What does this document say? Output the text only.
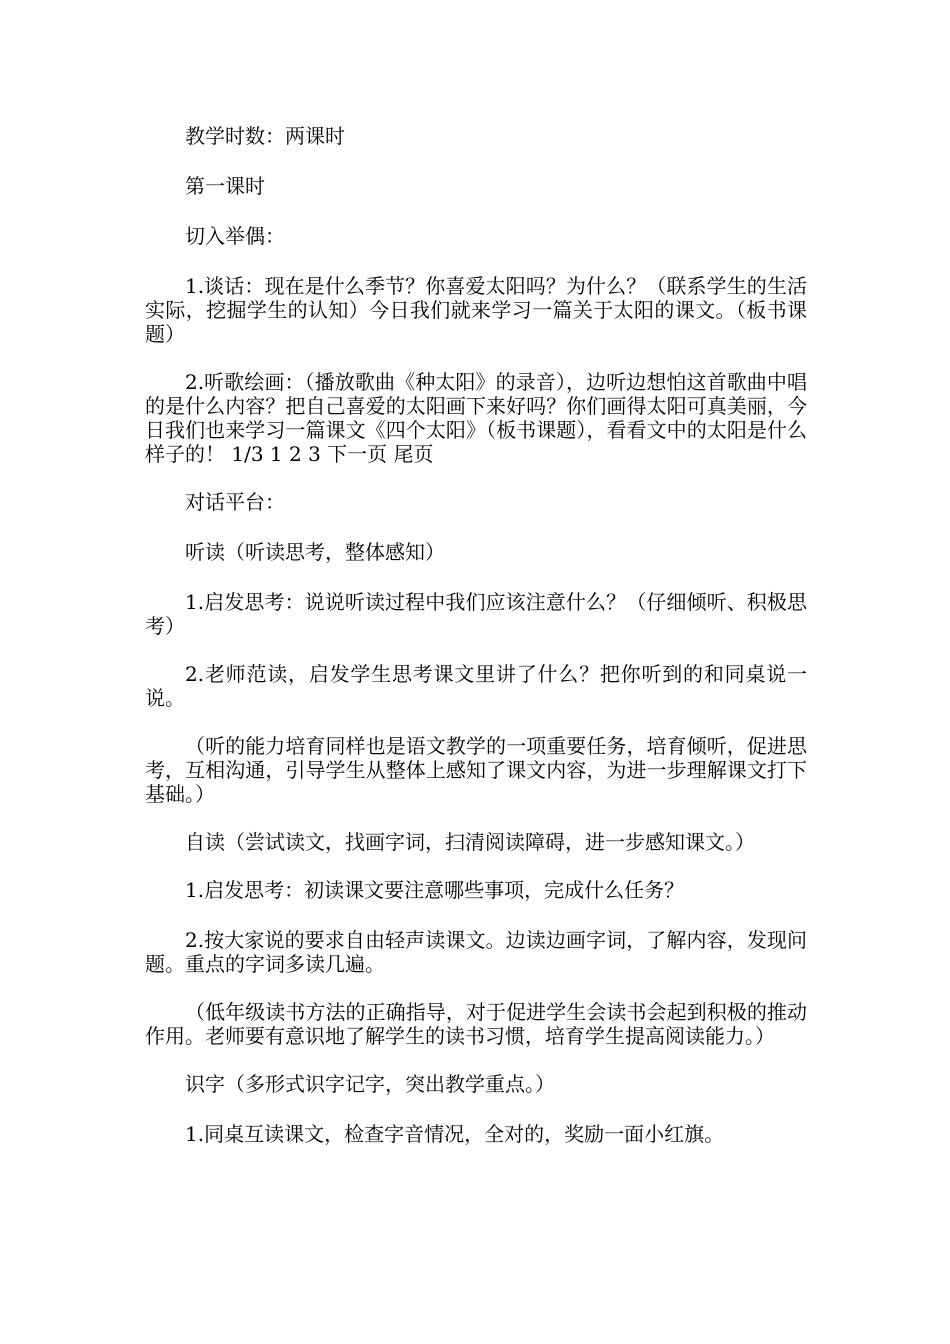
教学时数：两课时

第一课时

切入举偶：

1.谈话：现在是什么季节？你喜爱太阳吗？为什么？（联系学生的生活实际，挖掘学生的认知）今日我们就来学习一篇关于太阳的课文。（板书课题）

2.听歌绘画：（播放歌曲《种太阳》的录音），边听边想怕这首歌曲中唱的是什么内容？把自己喜爱的太阳画下来好吗？你们画得太阳可真美丽，今日我们也来学习一篇课文《四个太阳》（板书课题），看看文中的太阳是什么样子的！ 1/3 1 2 3 下一页 尾页

对话平台：

听读（听读思考，整体感知）

1.启发思考：说说听读过程中我们应该注意什么？（仔细倾听、积极思考）

2.老师范读，启发学生思考课文里讲了什么？把你听到的和同桌说一说。

（听的能力培育同样也是语文教学的一项重要任务，培育倾听，促进思考，互相沟通，引导学生从整体上感知了课文内容，为进一步理解课文打下基础。）

自读（尝试读文，找画字词，扫清阅读障碍，进一步感知课文。）

1.启发思考：初读课文要注意哪些事项，完成什么任务？

2.按大家说的要求自由轻声读课文。边读边画字词，了解内容，发现问题。重点的字词多读几遍。

（低年级读书方法的正确指导，对于促进学生会读书会起到积极的推动作用。老师要有意识地了解学生的读书习惯，培育学生提高阅读能力。）

识字（多形式识字记字，突出教学重点。）

1.同桌互读课文，检查字音情况，全对的，奖励一面小红旗。
